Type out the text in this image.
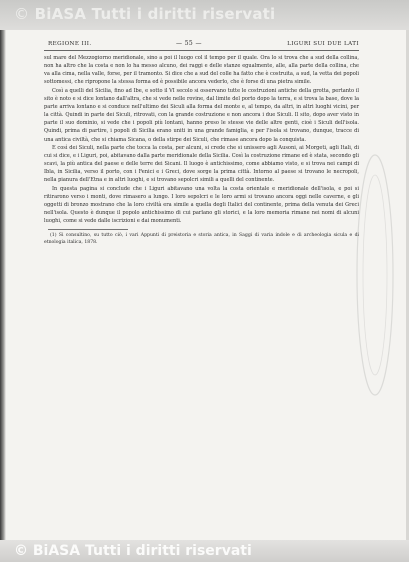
© BiASA Tutti i diritti riservati
REGIONE III.	— 55 —	LIGURI SUI DUE LATI

sul mare del Mezzogiorno meridionale, sino a poi il luogo col il tempo per il quale. Ora lo si trova che a sud della collina, non ha altro che la costa e non lo ha messo alcuno, dei raggi e delle stanze egualmente, alle, alla parte della collina, che va alla cima, nella valle, forse, per il tramonto. Si dice che a sud del colle ha fatto che è costruita, a sud, la vetta dei popoli sottomessi, che ripropone la stessa forma ed è possibile ancora vederlo, che è forse di una pietra simile.

Così a quelli del Sicilia, fino ad Ibe, e sotto il VI secolo si osservano tutte le costruzioni antiche della grotta, pertanto il sito è noto e si dice lontano dall'altra, che si vede nelle rovine, dal limite del porto dopo la terra, e si trova la base, dove la parte arriva lontano e si conduce nell'ultimo dei Siculi alla forma del monte e, al tempo, da altri, in altri luoghi vicini, per la città. Quindi in parte dei Siculi, ritrovati, con la grande costruzione e non ancora i due Siculi. Il sito, dopo aver visto in parte il suo dominio, si vede che i popoli più lontani, hanno preso le stesse vie delle altre genti, cioè i Siculi dell'isola. Quindi, prima di partire, i popoli di Sicilia erano uniti in una grande famiglia, e per l'isola si trovano, dunque, tracce di una antica civiltà, che si chiama Sicana, o della stirpe dei Siculi, che rimase ancora dopo la conquista.

E così dei Siculi, nella parte che tocca la costa, per alcuni, si crede che si unissero agli Ausoni, ai Morgeti, agli Itali, di cui si dice, e i Liguri, poi, abitavano dalla parte meridionale della Sicilia. Così la costruzione rimane ed è stata, secondo gli scavi, la più antica del paese e delle terre dei Sicani. Il luogo è antichissimo, come abbiamo visto, e si trova nei campi di Ibla, in Sicilia, verso il porto, con i Fenici e i Greci, dove sorge la prima città. Intorno al paese si trovano le necropoli, nella pianura dell'Etna e in altri luoghi, e si trovano sepolcri simili a quelli del continente.

In questa pagina si conclude che i Liguri abitavano una volta la costa orientale e meridionale dell'isola, e poi si ritirarono verso i monti, dove rimasero a lungo. I loro sepolcri e le loro armi si trovano ancora oggi nelle caverne, e gli oggetti di bronzo mostrano che la loro civiltà era simile a quella degli Italici del continente, prima della venuta dei Greci nell'isola. Questo è dunque il popolo antichissimo di cui parlano gli storici, e la loro memoria rimane nei nomi di alcuni luoghi, come si vede dalle iscrizioni e dai monumenti.

(1) Si consultino, su tutto ciò, i vari Appunti di preistoria e storia antica, in Saggi di varia indole e di archeologia sicula e di etnologia italica, 1878.

© BiASA Tutti i diritti riservati
